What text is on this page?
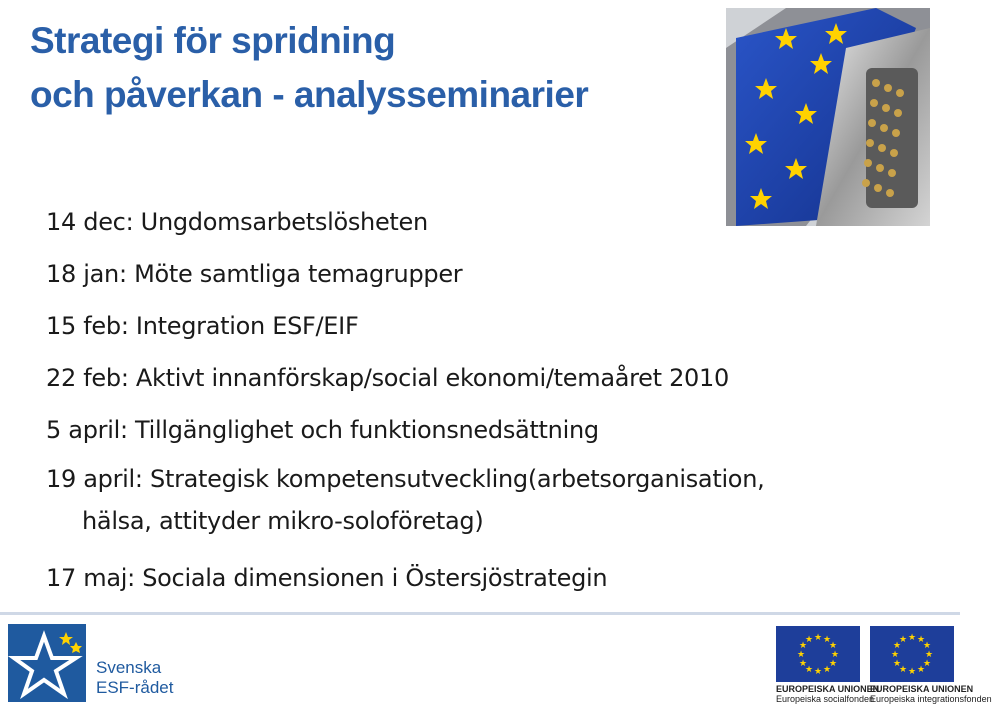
Strategi för spridning
och påverkan - analysseminarier
14 dec: Ungdomsarbetslösheten
18 jan: Möte samtliga temagrupper
15 feb: Integration ESF/EIF
22 feb: Aktivt innanförskap/social ekonomi/temaåret 2010
5 april: Tillgänglighet och funktionsnedsättning
19 april: Strategisk kompetensutveckling(arbetsorganisation,
hälsa, attityder mikro-soloföretag)
17 maj: Sociala dimensionen i Östersjöstrategin
Svenska
ESF-rådet
★ ★
★
★
★
★
★
★
★
★
★
★
EUROPEISKA UNIONEN
Europeiska socialfonden
★ ★
★
★
★
★
★
★
★
★
★
★
EUROPEISKA UNIONEN
Europeiska integrationsfonden
